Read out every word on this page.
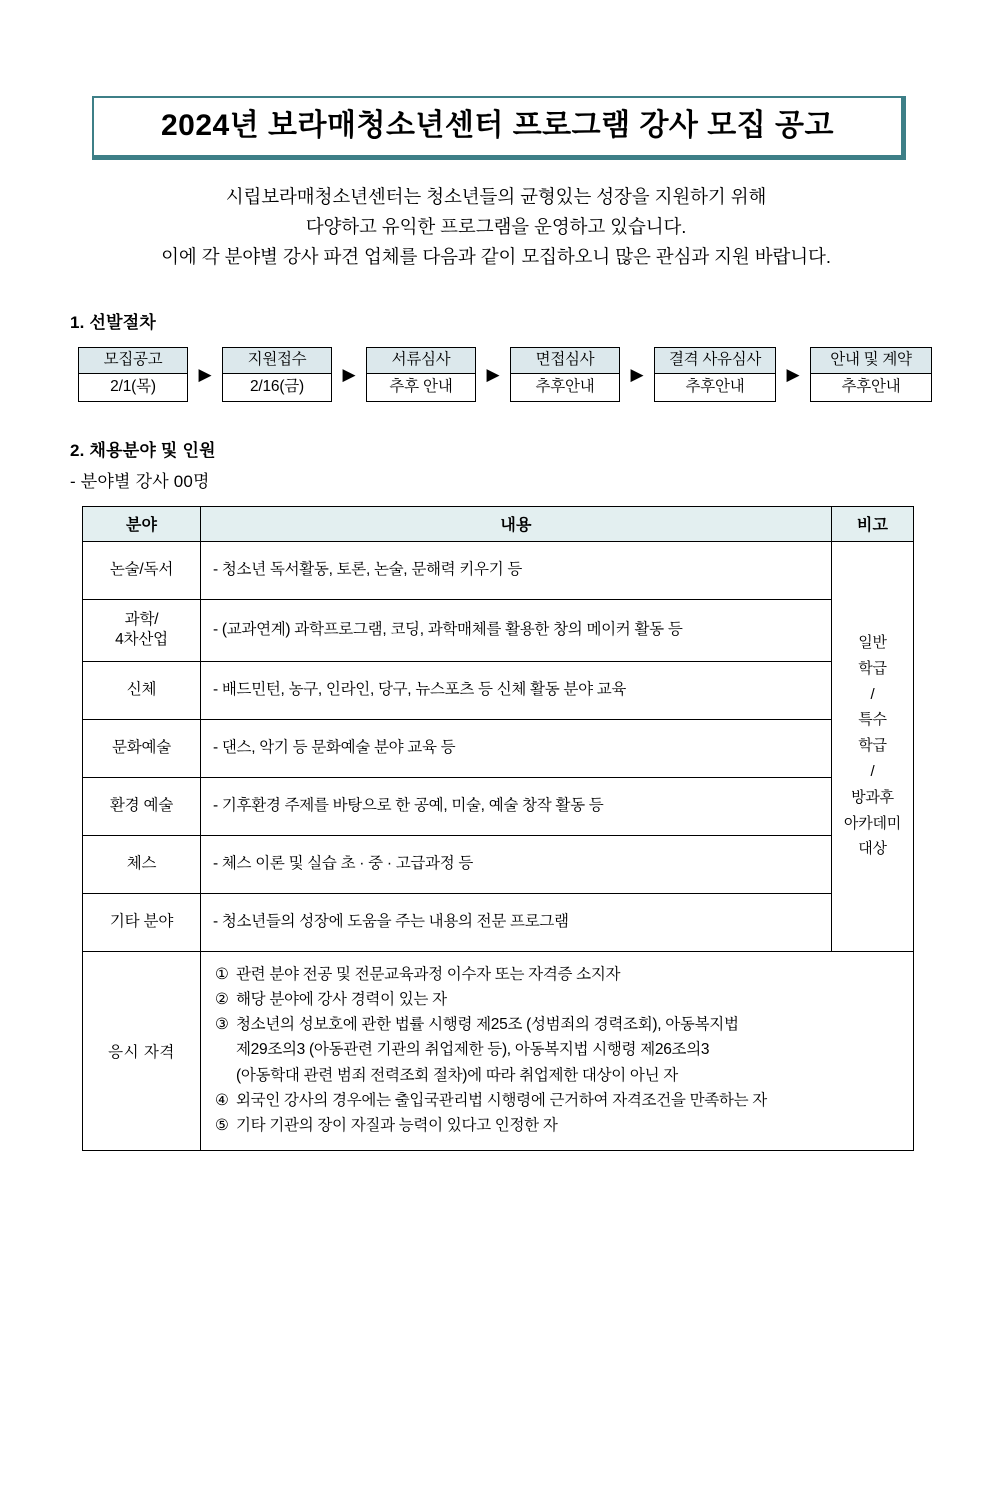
2024년 보라매청소년센터 프로그램 강사 모집 공고
시립보라매청소년센터는 청소년들의 균형있는 성장을 지원하기 위해
다양하고 유익한 프로그램을 운영하고 있습니다.
이에 각 분야별 강사 파견 업체를 다음과 같이 모집하오니 많은 관심과 지원 바랍니다.
1. 선발절차
모집공고
2/1(목)
▶
지원접수
2/16(금)
▶
서류심사
추후 안내
▶
면접심사
추후안내
▶
결격 사유심사
추후안내
▶
안내 및 계약
추후안내
2. 채용분야 및 인원
- 분야별 강사 00명
분야	내용	비고
논술/독서	- 청소년 독서활동, 토론, 논술, 문해력 키우기 등	일반
학급
/
특수
학급
/
방과후
아카데미
대상
과학/
4차산업	- (교과연계) 과학프로그램, 코딩, 과학매체를 활용한 창의 메이커 활동 등	
신체	- 배드민턴, 농구, 인라인, 당구, 뉴스포츠 등 신체 활동 분야 교육	
문화예술	- 댄스, 악기 등 문화예술 분야 교육 등	
환경 예술	- 기후환경 주제를 바탕으로 한 공예, 미술, 예술 창작 활동 등	
체스	- 체스 이론 및 실습 초 · 중 · 고급과정 등	
기타 분야	- 청소년들의 성장에 도움을 주는 내용의 전문 프로그램	
응시 자격	
① 관련 분야 전공 및 전문교육과정 이수자 또는 자격증 소지자
② 해당 분야에 강사 경력이 있는 자
③ 청소년의 성보호에 관한 법률 시행령 제25조 (성범죄의 경력조회), 아동복지법
제29조의3 (아동관련 기관의 취업제한 등), 아동복지법 시행령 제26조의3
(아동학대 관련 범죄 전력조회 절차)에 따라 취업제한 대상이 아닌 자
④ 외국인 강사의 경우에는 출입국관리법 시행령에 근거하여 자격조건을 만족하는 자
⑤ 기타 기관의 장이 자질과 능력이 있다고 인정한 자
